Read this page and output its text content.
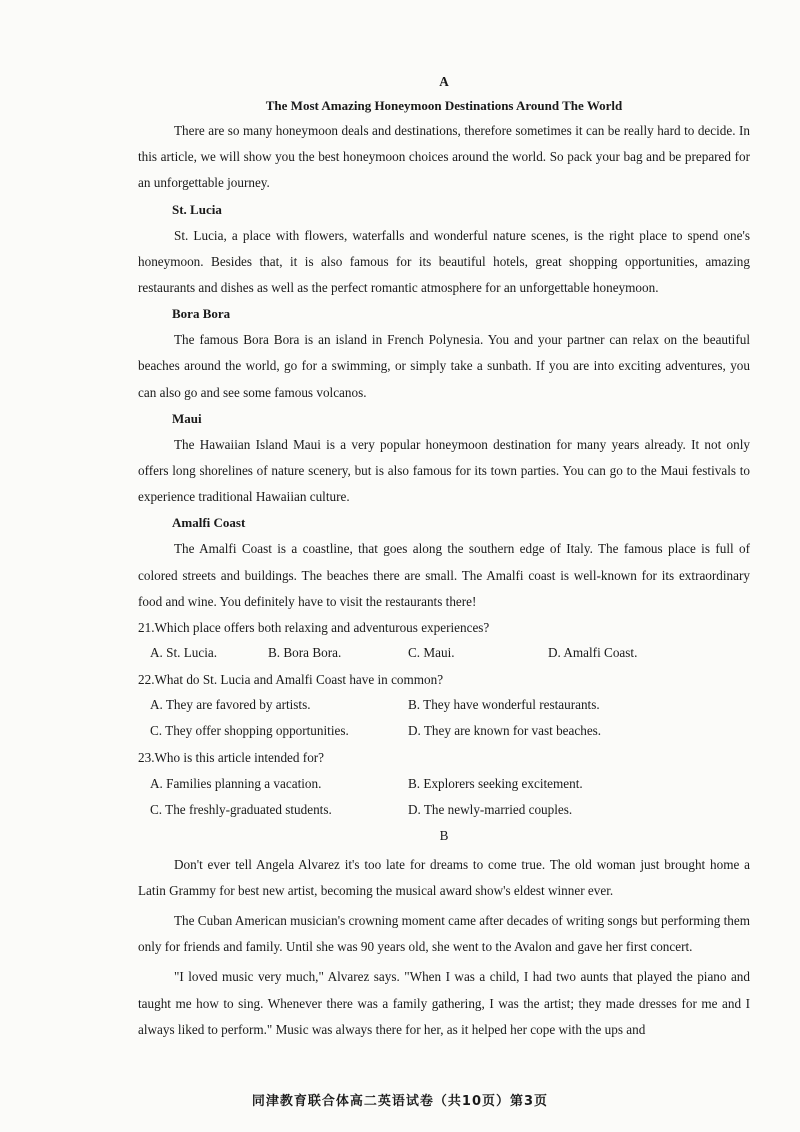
A

The Most Amazing Honeymoon Destinations Around The World

There are so many honeymoon deals and destinations, therefore sometimes it can be really hard to decide. In this article, we will show you the best honeymoon choices around the world. So pack your bag and be prepared for an unforgettable journey.

St. Lucia

St. Lucia, a place with flowers, waterfalls and wonderful nature scenes, is the right place to spend one's honeymoon. Besides that, it is also famous for its beautiful hotels, great shopping opportunities, amazing restaurants and dishes as well as the perfect romantic atmosphere for an unforgettable honeymoon.

Bora Bora

The famous Bora Bora is an island in French Polynesia. You and your partner can relax on the beautiful beaches around the world, go for a swimming, or simply take a sunbath. If you are into exciting adventures, you can also go and see some famous volcanos.

Maui

The Hawaiian Island Maui is a very popular honeymoon destination for many years already. It not only offers long shorelines of nature scenery, but is also famous for its town parties. You can go to the Maui festivals to experience traditional Hawaiian culture.

Amalfi Coast

The Amalfi Coast is a coastline, that goes along the southern edge of Italy. The famous place is full of colored streets and buildings. The beaches there are small. The Amalfi coast is well-known for its extraordinary food and wine. You definitely have to visit the restaurants there!

21.Which place offers both relaxing and adventurous experiences?

A. St. Lucia.	B. Bora Bora.	C. Maui.	D. Amalfi Coast.

22.What do St. Lucia and Amalfi Coast have in common?

A. They are favored by artists.	B. They have wonderful restaurants.
C. They offer shopping opportunities.	D. They are known for vast beaches.

23.Who is this article intended for?

A. Families planning a vacation.	B. Explorers seeking excitement.
C. The freshly-graduated students.	D. The newly-married couples.

B

Don't ever tell Angela Alvarez it's too late for dreams to come true. The old woman just brought home a Latin Grammy for best new artist, becoming the musical award show's eldest winner ever.

The Cuban American musician's crowning moment came after decades of writing songs but performing them only for friends and family. Until she was 90 years old, she went to the Avalon and gave her first concert.

"I loved music very much," Alvarez says. "When I was a child, I had two aunts that played the piano and taught me how to sing. Whenever there was a family gathering, I was the artist; they made dresses for me and I always liked to perform." Music was always there for her, as it helped her cope with the ups and

同津教育联合体高二英语试卷（共10页）第3页
